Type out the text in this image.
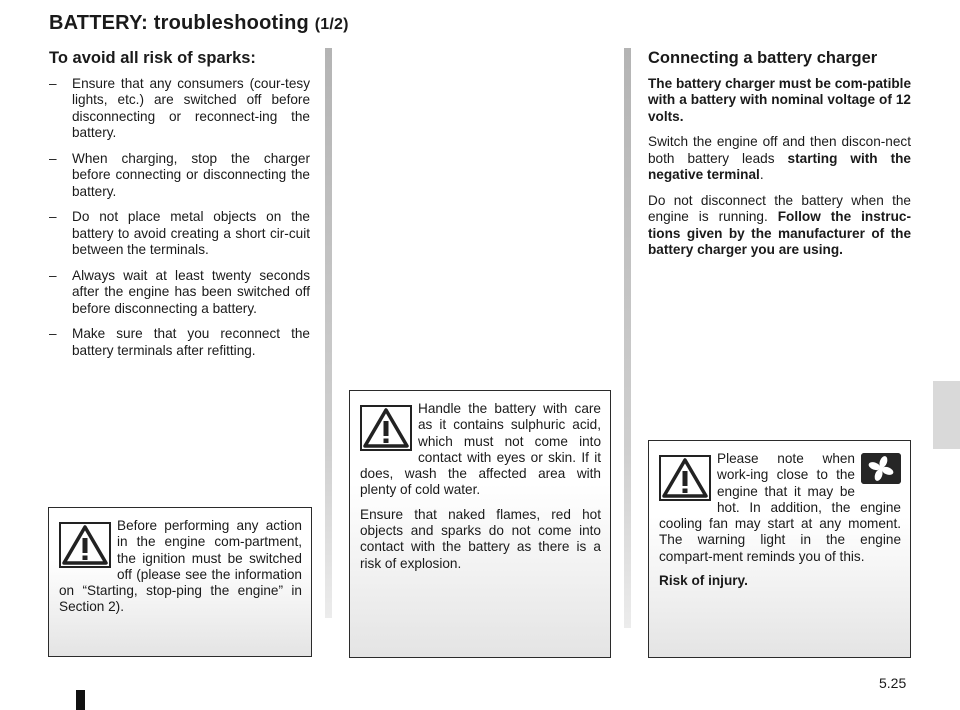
BATTERY: troubleshooting (1/2)
To avoid all risk of sparks:
– Ensure that any consumers (cour-tesy lights, etc.) are switched off before disconnecting or reconnect-ing the battery.
– When charging, stop the charger before connecting or disconnecting the battery.
– Do not place metal objects on the battery to avoid creating a short cir-cuit between the terminals.
– Always wait at least twenty seconds after the engine has been switched off before disconnecting a battery.
– Make sure that you reconnect the battery terminals after refitting.

Before performing any action in the engine com-partment, the ignition must be switched off (please see the information on “Starting, stop-ping the engine” in Section 2).

Handle the battery with care as it contains sulphuric acid, which must not come into contact with eyes or skin. If it does, wash the affected area with plenty of cold water.

Ensure that naked flames, red hot objects and sparks do not come into contact with the battery as there is a risk of explosion.

Connecting a battery charger

The battery charger must be com-patible with a battery with nominal voltage of 12 volts.

Switch the engine off and then discon-nect both battery leads starting with the negative terminal.

Do not disconnect the battery when the engine is running. Follow the instruc-tions given by the manufacturer of the battery charger you are using.

Please note when work-ing close to the engine that it may be hot. In addition, the engine cooling fan may start at any moment. The warning light in the engine compart-ment reminds you of this.

Risk of injury.

5.25
